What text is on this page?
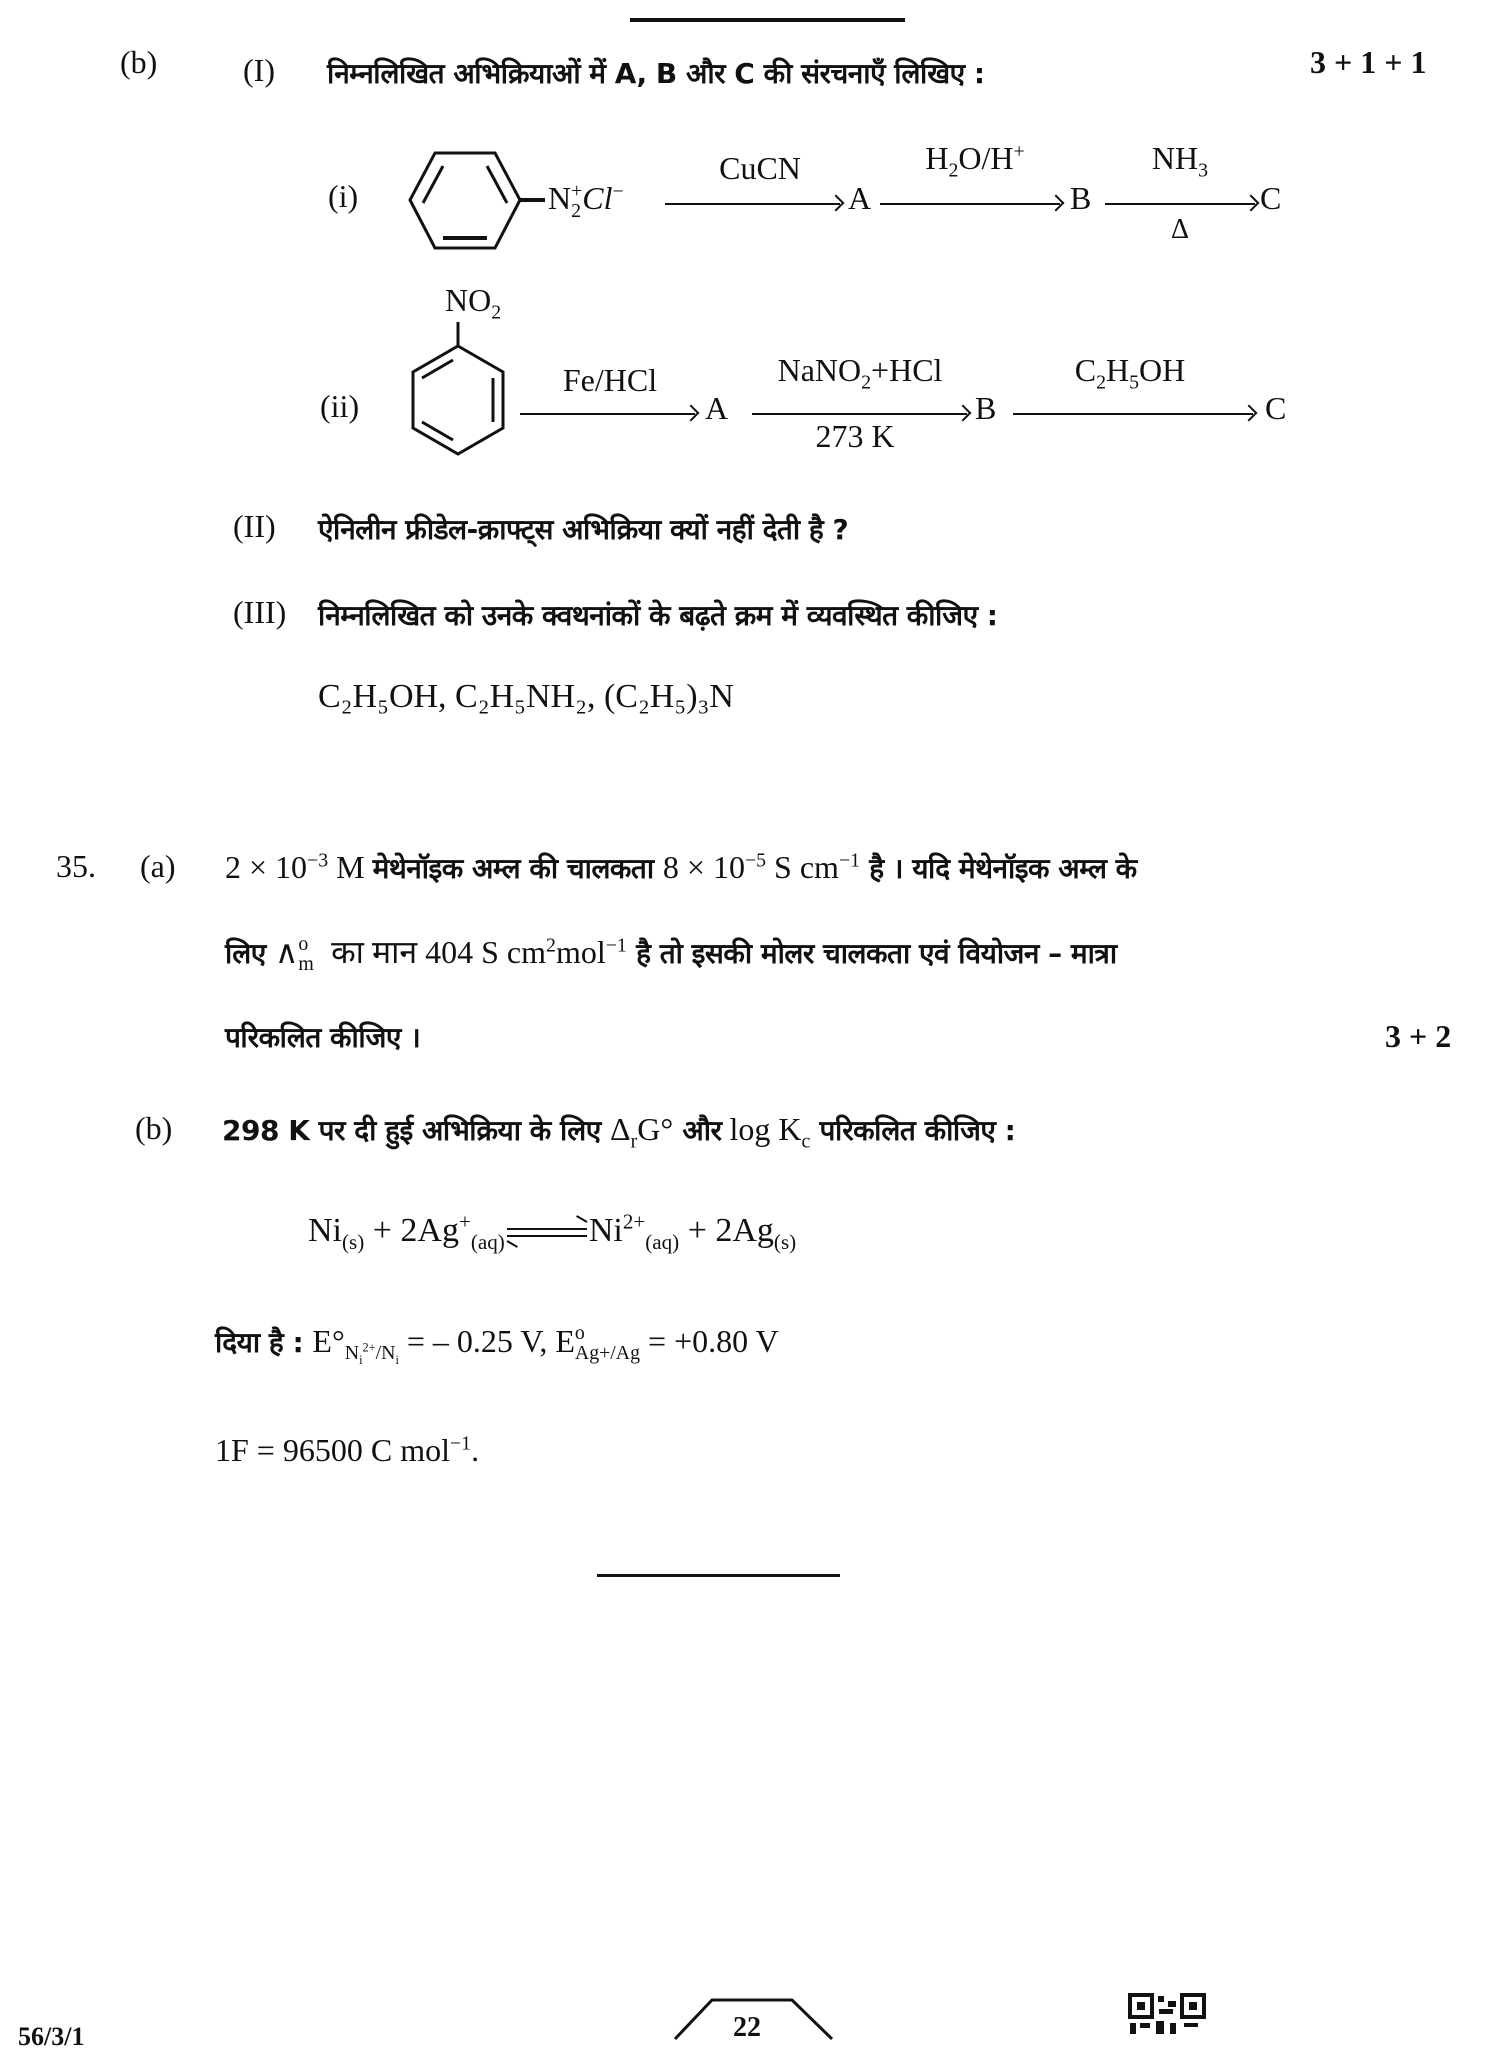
(b)	(I) निम्नलिखित अभिक्रियाओं में A, B और C की संरचनाएँ लिखिए :	3 + 1 + 1
(i)	N +
2 Cl−
CuCN
A
$H_2O/H^+$
B
$NH_3$
Δ
C
$NO_2$
(ii)
Fe/HCl
A
NaNO$_2$+HCl
273 K
B
$C_2H_5OH$
C
(II) ऐनिलीन फ्रीडेल-क्राफ्ट्स अभिक्रिया क्यों नहीं देती है ?
(III) निम्नलिखित को उनके क्वथनांकों के बढ़ते क्रम में व्यवस्थित कीजिए :
C₂H₅OH, C₂H₅NH₂, (C₂H₅)₃N
35. (a) $2 \times 10^{-3}$ M मेथेनॉइक अम्ल की चालकता $8 \times 10^{-5}$ S $cm^{-1}$ है । यदि मेथेनॉइक अम्ल के
लिए ∧ o
m का मान 404 S $cm^2mol^{-1}$ है तो इसकी मोलर चालकता एवं वियोजन – मात्रा
परिकलित कीजिए ।	3 + 2
(b) 298 K पर दी हुई अभिक्रिया के लिए $\Delta_rG^\circ$ और $\log K_c$ परिकलित कीजिए :
$Ni_{(s)} + 2Ag^+_{(aq)}$ $Ni^{2+}_{(aq)} + 2Ag_{(s)}$
दिया है : $E^\circ_{N_i^{2+}/N_i}$ = – 0.25 V, E o
Ag+/Ag = +0.80 V
1F = 96500 C mol$^{-1}$.
56/3/1	22
